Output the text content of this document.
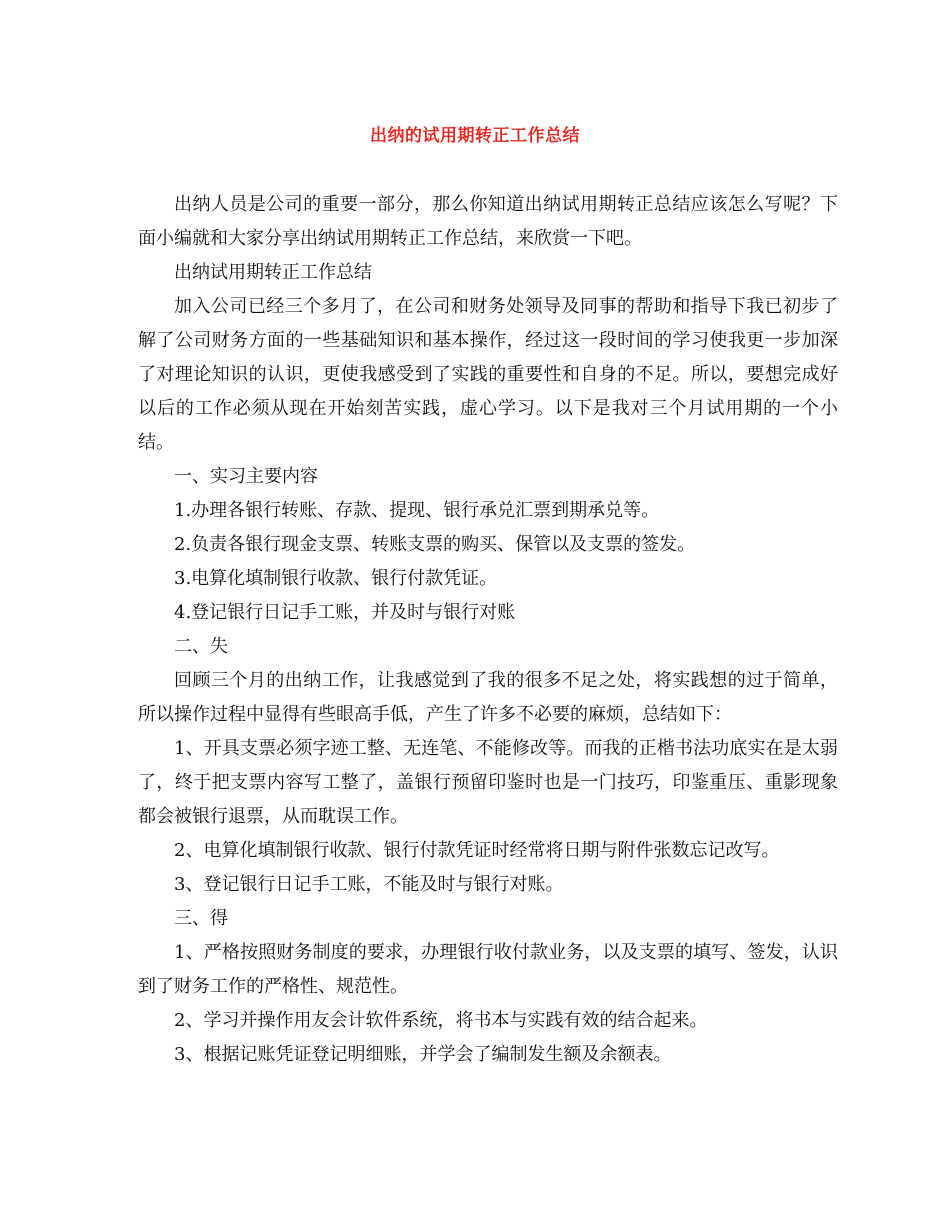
出纳的试用期转正工作总结

出纳人员是公司的重要一部分，那么你知道出纳试用期转正总结应该怎么写呢？下面小编就和大家分享出纳试用期转正工作总结，来欣赏一下吧。

出纳试用期转正工作总结

加入公司已经三个多月了，在公司和财务处领导及同事的帮助和指导下我已初步了解了公司财务方面的一些基础知识和基本操作，经过这一段时间的学习使我更一步加深了对理论知识的认识，更使我感受到了实践的重要性和自身的不足。所以，要想完成好以后的工作必须从现在开始刻苦实践，虚心学习。以下是我对三个月试用期的一个小结。

一、实习主要内容

1.办理各银行转账、存款、提现、银行承兑汇票到期承兑等。

2.负责各银行现金支票、转账支票的购买、保管以及支票的签发。

3.电算化填制银行收款、银行付款凭证。

4.登记银行日记手工账，并及时与银行对账

二、失

回顾三个月的出纳工作，让我感觉到了我的很多不足之处，将实践想的过于简单，所以操作过程中显得有些眼高手低，产生了许多不必要的麻烦，总结如下：

1、开具支票必须字迹工整、无连笔、不能修改等。而我的正楷书法功底实在是太弱了，终于把支票内容写工整了，盖银行预留印鉴时也是一门技巧，印鉴重压、重影现象都会被银行退票，从而耽误工作。

2、电算化填制银行收款、银行付款凭证时经常将日期与附件张数忘记改写。

3、登记银行日记手工账，不能及时与银行对账。

三、得

1、严格按照财务制度的要求，办理银行收付款业务，以及支票的填写、签发，认识到了财务工作的严格性、规范性。

2、学习并操作用友会计软件系统，将书本与实践有效的结合起来。

3、根据记账凭证登记明细账，并学会了编制发生额及余额表。
